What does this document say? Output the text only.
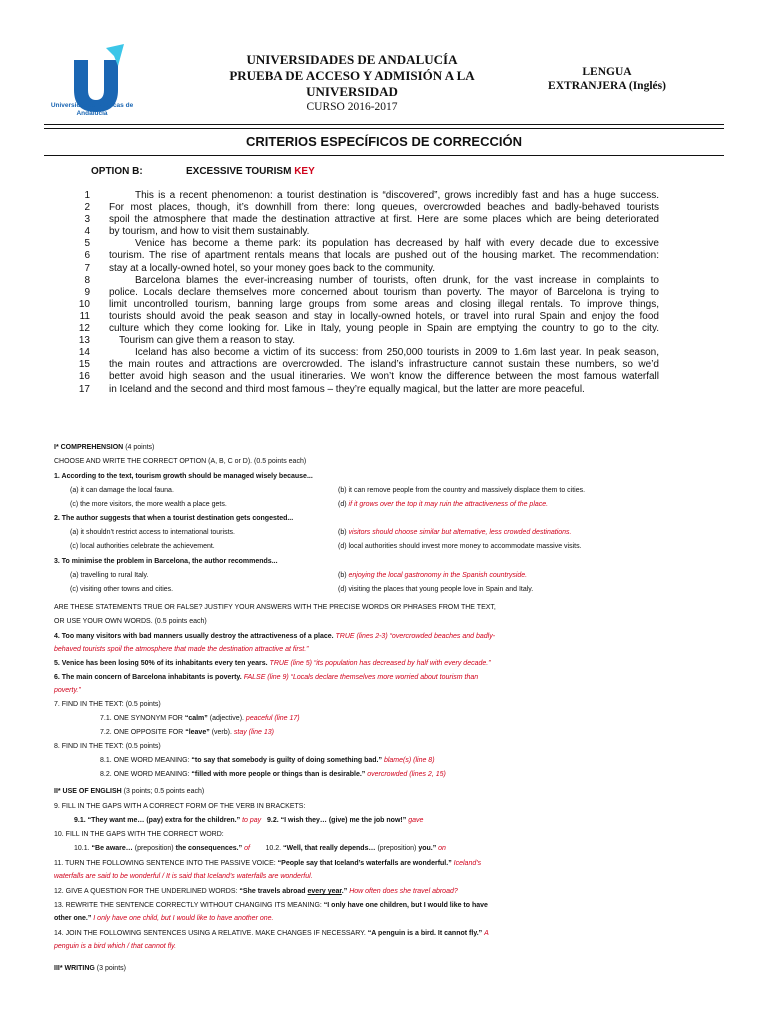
Universidades Públicas de Andalucía
UNIVERSIDADES DE ANDALUCÍA
PRUEBA DE ACCESO Y ADMISIÓN A LA
UNIVERSIDAD
CURSO 2016-2017
LENGUA
EXTRANJERA (Inglés)
CRITERIOS ESPECÍFICOS DE CORRECCIÓN
OPTION B:	EXCESSIVE TOURISM KEY
1	This is a recent phenomenon: a tourist destination is “discovered”, grows incredibly fast and has a huge success.
2 For most places, though, it’s downhill from there: long queues, overcrowded beaches and badly-behaved tourists
3 spoil the atmosphere that made the destination attractive at first. Here are some places which are being deteriorated
4 by tourism, and how to visit them sustainably.
5	Venice has become a theme park: its population has decreased by half with every decade due to excessive
6 tourism. The rise of apartment rentals means that locals are pushed out of the housing market. The recommendation:
7 stay at a locally-owned hotel, so your money goes back to the community.
8	Barcelona blames the ever-increasing number of tourists, often drunk, for the vast increase in complaints to
9 police. Locals declare themselves more concerned about tourism than poverty. The mayor of Barcelona is trying to
10 limit uncontrolled tourism, banning large groups from some areas and closing illegal rentals. To improve things,
11 tourists should avoid the peak season and stay in locally-owned hotels, or travel into rural Spain and enjoy the food
12 culture which they come looking for. Like in Italy, young people in Spain are emptying the country to go to the city.
13	Tourism can give them a reason to stay.
14	Iceland has also become a victim of its success: from 250,000 tourists in 2009 to 1.6m last year. In peak season,
15 the main routes and attractions are overcrowded. The island’s infrastructure cannot sustain these numbers, so we’d
16 better avoid high season and the usual itineraries. We won’t know the difference between the most famous waterfall
17 in Iceland and the second and third most famous – they’re equally magical, but the latter are more peaceful.
I* COMPREHENSION (4 points)
CHOOSE AND WRITE THE CORRECT OPTION (A, B, C or D). (0.5 points each)
1. According to the text, tourism growth should be managed wisely because...
(a) it can damage the local fauna.	(b) it can remove people from the country and massively displace them to cities.
(c) the more visitors, the more wealth a place gets.	(d) if it grows over the top it may ruin the attractiveness of the place.
2. The author suggests that when a tourist destination gets congested...
(a) it shouldn’t restrict access to international tourists.	(b) visitors should choose similar but alternative, less crowded destinations.
(c) local authorities celebrate the achievement.	(d) local authorities should invest more money to accommodate massive visits.
3. To minimise the problem in Barcelona, the author recommends...
(a) travelling to rural Italy.	(b) enjoying the local gastronomy in the Spanish countryside.
(c) visiting other towns and cities.	(d) visiting the places that young people love in Spain and Italy.
ARE THESE STATEMENTS TRUE OR FALSE? JUSTIFY YOUR ANSWERS WITH THE PRECISE WORDS OR PHRASES FROM THE TEXT,
OR USE YOUR OWN WORDS. (0.5 points each)
4. Too many visitors with bad manners usually destroy the attractiveness of a place. TRUE (lines 2-3) “overcrowded beaches and badly-
behaved tourists spoil the atmosphere that made the destination attractive at first.”
5. Venice has been losing 50% of its inhabitants every ten years. TRUE (line 5) “its population has decreased by half with every decade.”
6. The main concern of Barcelona inhabitants is poverty. FALSE (line 9) “Locals declare themselves more worried about tourism than
poverty.”
7. FIND IN THE TEXT: (0.5 points)
7.1. ONE SYNONYM FOR “calm” (adjective). peaceful (line 17)
7.2. ONE OPPOSITE FOR “leave” (verb). stay (line 13)
8. FIND IN THE TEXT: (0.5 points)
8.1. ONE WORD MEANING: “to say that somebody is guilty of doing something bad.” blame(s) (line 8)
8.2. ONE WORD MEANING: “filled with more people or things than is desirable.” overcrowded (lines 2, 15)
II* USE OF ENGLISH (3 points; 0.5 points each)
9. FILL IN THE GAPS WITH A CORRECT FORM OF THE VERB IN BRACKETS:
9.1. “They want me… (pay) extra for the children.” to pay 9.2. “I wish they… (give) me the job now!” gave
10. FILL IN THE GAPS WITH THE CORRECT WORD:
10.1. “Be aware… (preposition) the consequences.” of 10.2. “Well, that really depends… (preposition) you.” on
11. TURN THE FOLLOWING SENTENCE INTO THE PASSIVE VOICE: “People say that Iceland’s waterfalls are wonderful.” Iceland’s
waterfalls are said to be wonderful / It is said that Iceland’s waterfalls are wonderful.
12. GIVE A QUESTION FOR THE UNDERLINED WORDS: “She travels abroad every year.” How often does she travel abroad?
13. REWRITE THE SENTENCE CORRECTLY WITHOUT CHANGING ITS MEANING: “I only have one children, but I would like to have
other one.” I only have one child, but I would like to have another one.
14. JOIN THE FOLLOWING SENTENCES USING A RELATIVE. MAKE CHANGES IF NECESSARY. “A penguin is a bird. It cannot fly.” A
penguin is a bird which / that cannot fly.
III* WRITING (3 points)
